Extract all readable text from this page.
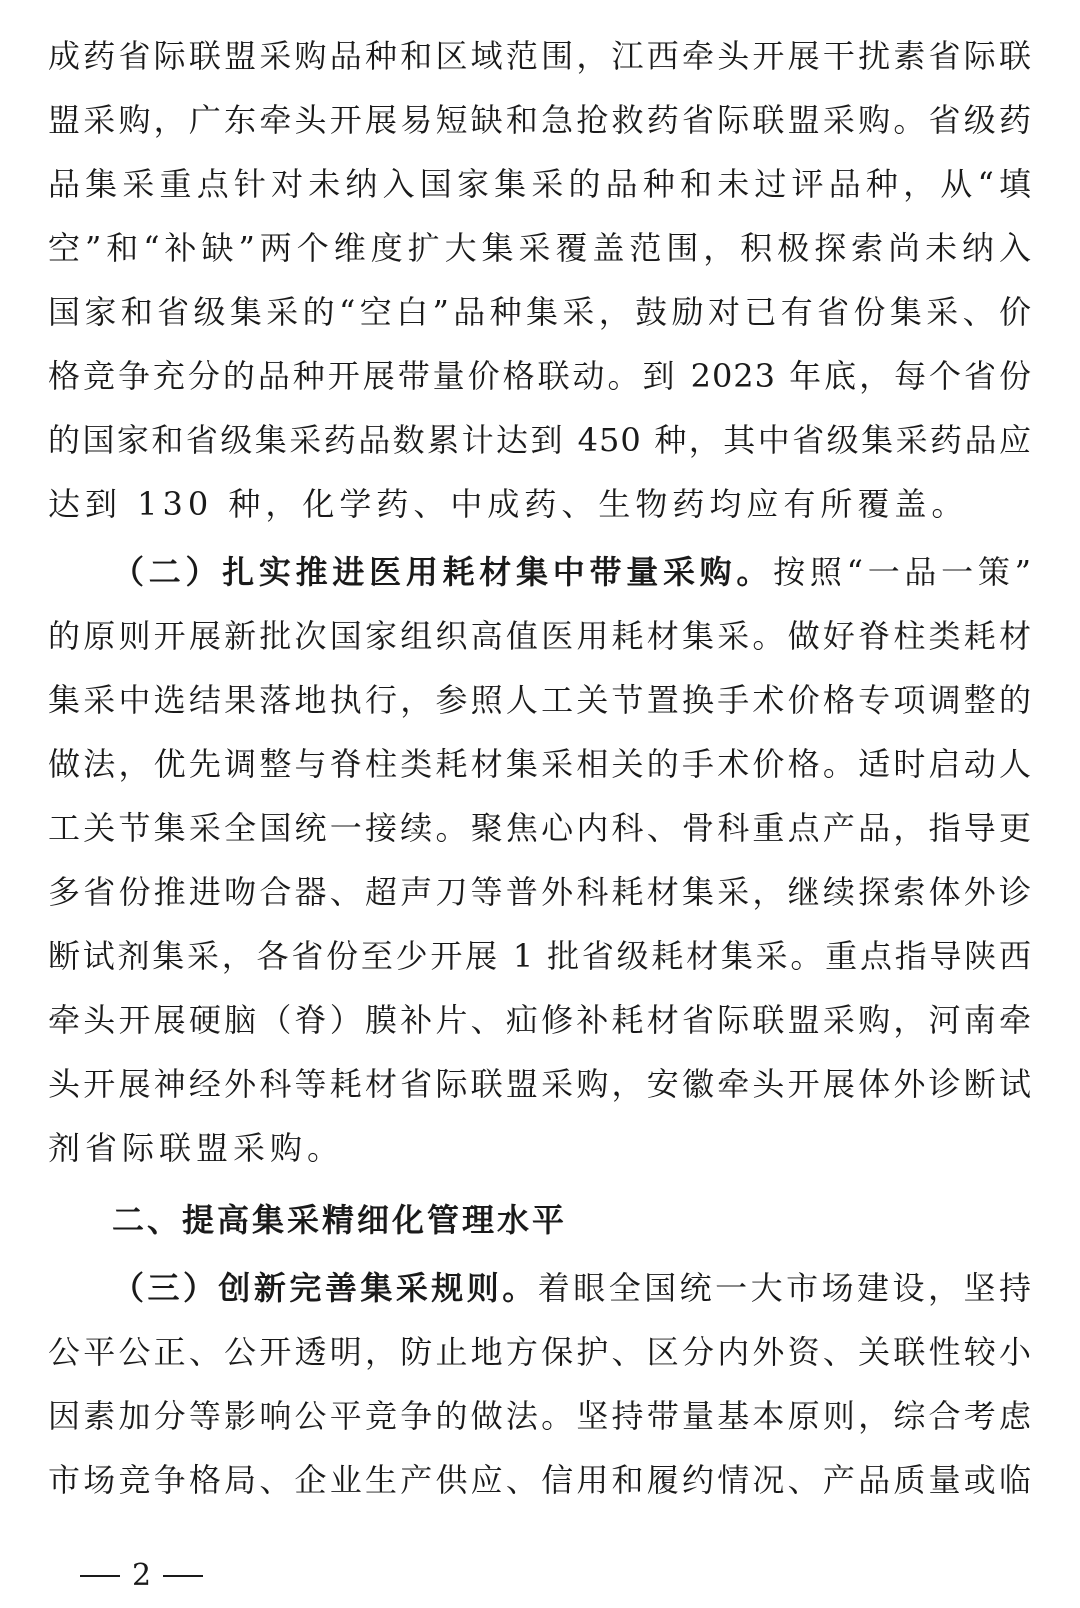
成药省际联盟采购品种和区域范围，江西牵头开展干扰素省际联
盟采购，广东牵头开展易短缺和急抢救药省际联盟采购。省级药
品集采重点针对未纳入国家集采的品种和未过评品种，从“填
空”和“补缺”两个维度扩大集采覆盖范围，积极探索尚未纳入
国家和省级集采的“空白”品种集采，鼓励对已有省份集采、价
格竞争充分的品种开展带量价格联动。到 2023 年底，每个省份
的国家和省级集采药品数累计达到 450 种，其中省级集采药品应
达到 130 种，化学药、中成药、生物药均应有所覆盖。
（二）扎实推进医用耗材集中带量采购。按照“一品一策”
的原则开展新批次国家组织高值医用耗材集采。做好脊柱类耗材
集采中选结果落地执行，参照人工关节置换手术价格专项调整的
做法，优先调整与脊柱类耗材集采相关的手术价格。适时启动人
工关节集采全国统一接续。聚焦心内科、骨科重点产品，指导更
多省份推进吻合器、超声刀等普外科耗材集采，继续探索体外诊
断试剂集采，各省份至少开展 1 批省级耗材集采。重点指导陕西
牵头开展硬脑（脊）膜补片、疝修补耗材省际联盟采购，河南牵
头开展神经外科等耗材省际联盟采购，安徽牵头开展体外诊断试
剂省际联盟采购。
二、提高集采精细化管理水平
（三）创新完善集采规则。着眼全国统一大市场建设，坚持
公平公正、公开透明，防止地方保护、区分内外资、关联性较小
因素加分等影响公平竞争的做法。坚持带量基本原则，综合考虑
市场竞争格局、企业生产供应、信用和履约情况、产品质量或临
2
